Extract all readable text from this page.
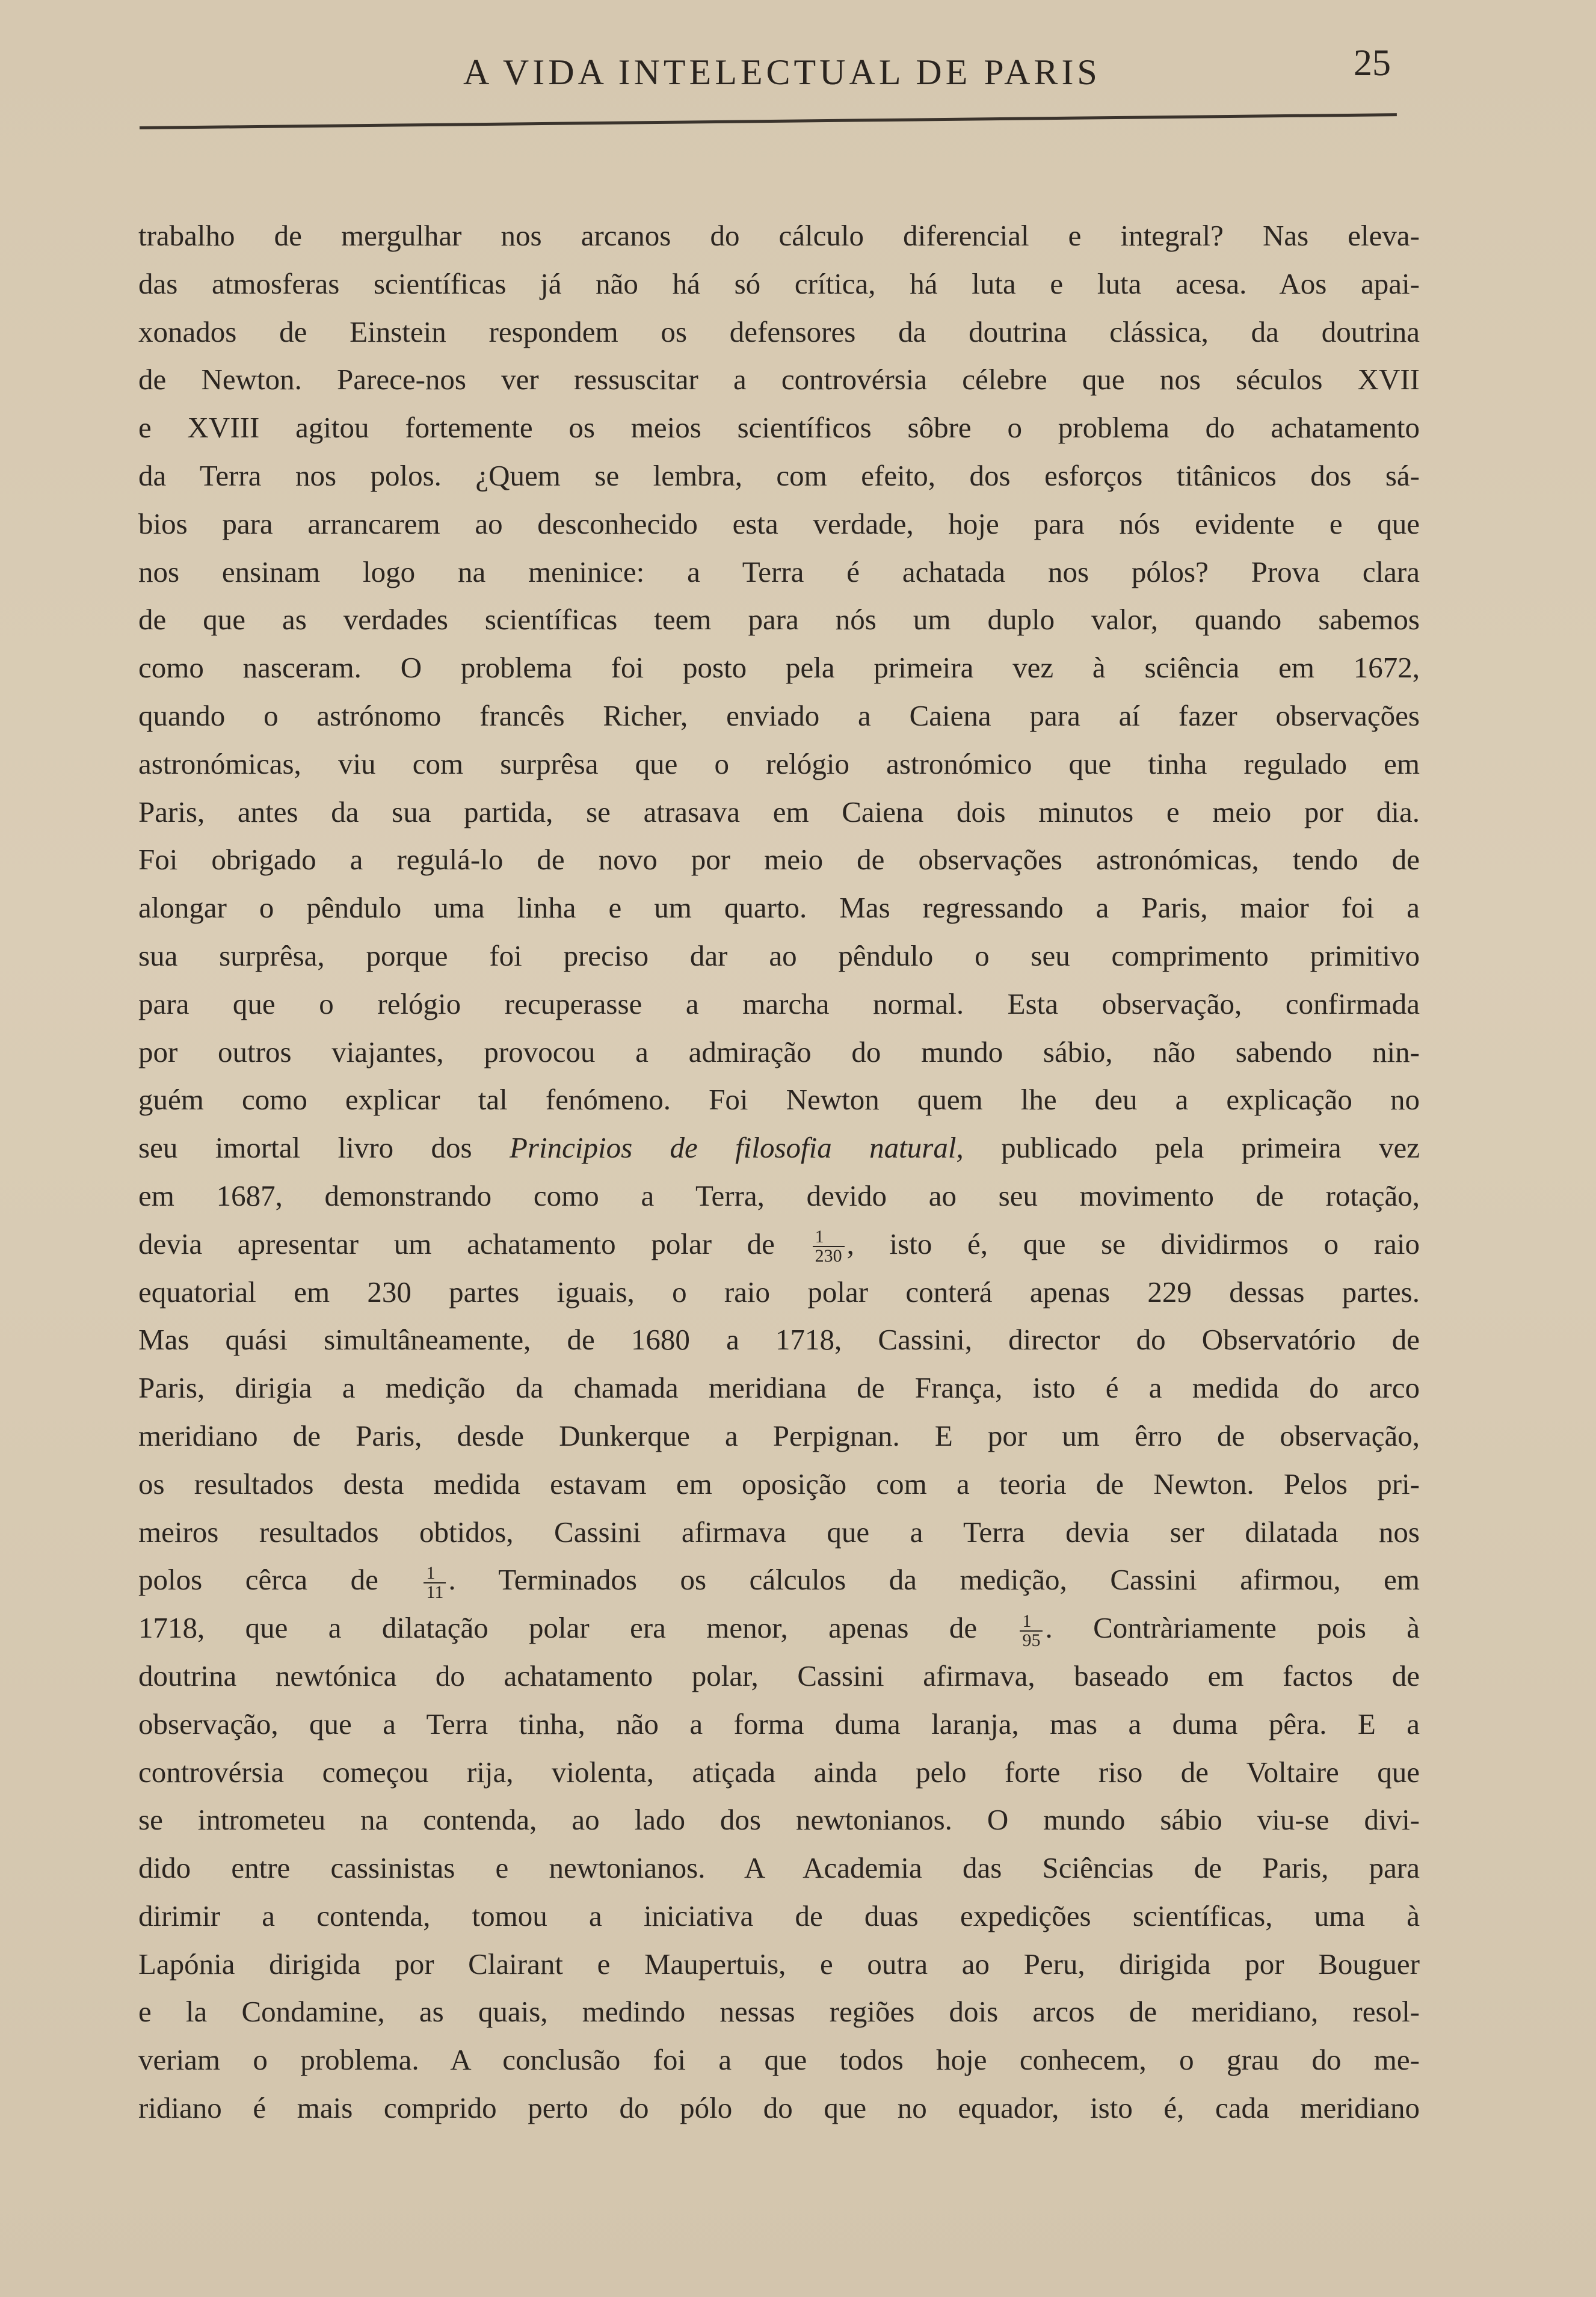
A VIDA INTELECTUAL DE PARIS	25
trabalho de mergulhar nos arcanos do cálculo diferencial e integral? Nas eleva-
das atmosferas scientíficas já não há só crítica, há luta e luta acesa. Aos apai-
xonados de Einstein respondem os defensores da doutrina clássica, da doutrina
de Newton. Parece-nos ver ressuscitar a controvérsia célebre que nos séculos XVII
e XVIII agitou fortemente os meios scientíficos sôbre o problema do achatamento
da Terra nos polos. ¿Quem se lembra, com efeito, dos esforços titânicos dos sá-
bios para arrancarem ao desconhecido esta verdade, hoje para nós evidente e que
nos ensinam logo na meninice: a Terra é achatada nos pólos? Prova clara
de que as verdades scientíficas teem para nós um duplo valor, quando sabemos
como nasceram. O problema foi posto pela primeira vez à sciência em 1672,
quando o astrónomo francês Richer, enviado a Caiena para aí fazer observações
astronómicas, viu com surprêsa que o relógio astronómico que tinha regulado em
Paris, antes da sua partida, se atrasava em Caiena dois minutos e meio por dia.
Foi obrigado a regulá-lo de novo por meio de observações astronómicas, tendo de
alongar o pêndulo uma linha e um quarto. Mas regressando a Paris, maior foi a
sua surprêsa, porque foi preciso dar ao pêndulo o seu comprimento primitivo
para que o relógio recuperasse a marcha normal. Esta observação, confirmada
por outros viajantes, provocou a admiração do mundo sábio, não sabendo nin-
guém como explicar tal fenómeno. Foi Newton quem lhe deu a explicação no
seu imortal livro dos Principios de filosofia natural, publicado pela primeira vez
em 1687, demonstrando como a Terra, devido ao seu movimento de rotação,
devia apresentar um achatamento polar de $\frac{1}{230}$ , isto é, que se dividirmos o raio
equatorial em 230 partes iguais, o raio polar conterá apenas 229 dessas partes.
Mas quási simultâneamente, de 1680 a 1718, Cassini, director do Observatório de
Paris, dirigia a medição da chamada meridiana de França, isto é a medida do arco
meridiano de Paris, desde Dunkerque a Perpignan. E por um êrro de observação,
os resultados desta medida estavam em oposição com a teoria de Newton. Pelos pri-
meiros resultados obtidos, Cassini afirmava que a Terra devia ser dilatada nos
polos cêrca de	$\frac{1}{11}$ . Terminados os cálculos da medição, Cassini afirmou, em
1718, que a dilatação polar era menor, apenas de $\frac{1}{95}$ . Contràriamente pois à
doutrina newtónica do achatamento polar, Cassini afirmava, baseado em factos de
observação, que a Terra tinha, não a forma duma laranja, mas a duma pêra. E a
controvérsia começou rija, violenta, atiçada ainda pelo forte riso de Voltaire que
se intrometeu na contenda, ao lado dos newtonianos. O mundo sábio viu-se divi-
dido entre cassinistas e newtonianos. A Academia das Sciências de Paris, para
dirimir a contenda, tomou a iniciativa de duas expedições scientíficas, uma à
Lapónia dirigida por Clairant e Maupertuis, e outra ao Peru, dirigida por Bouguer
e la Condamine, as quais, medindo nessas regiões dois arcos de meridiano, resol-
veriam o problema. A conclusão foi a que todos hoje conhecem, o grau do me-
ridiano é mais comprido perto do pólo do que no equador, isto é, cada meridiano
